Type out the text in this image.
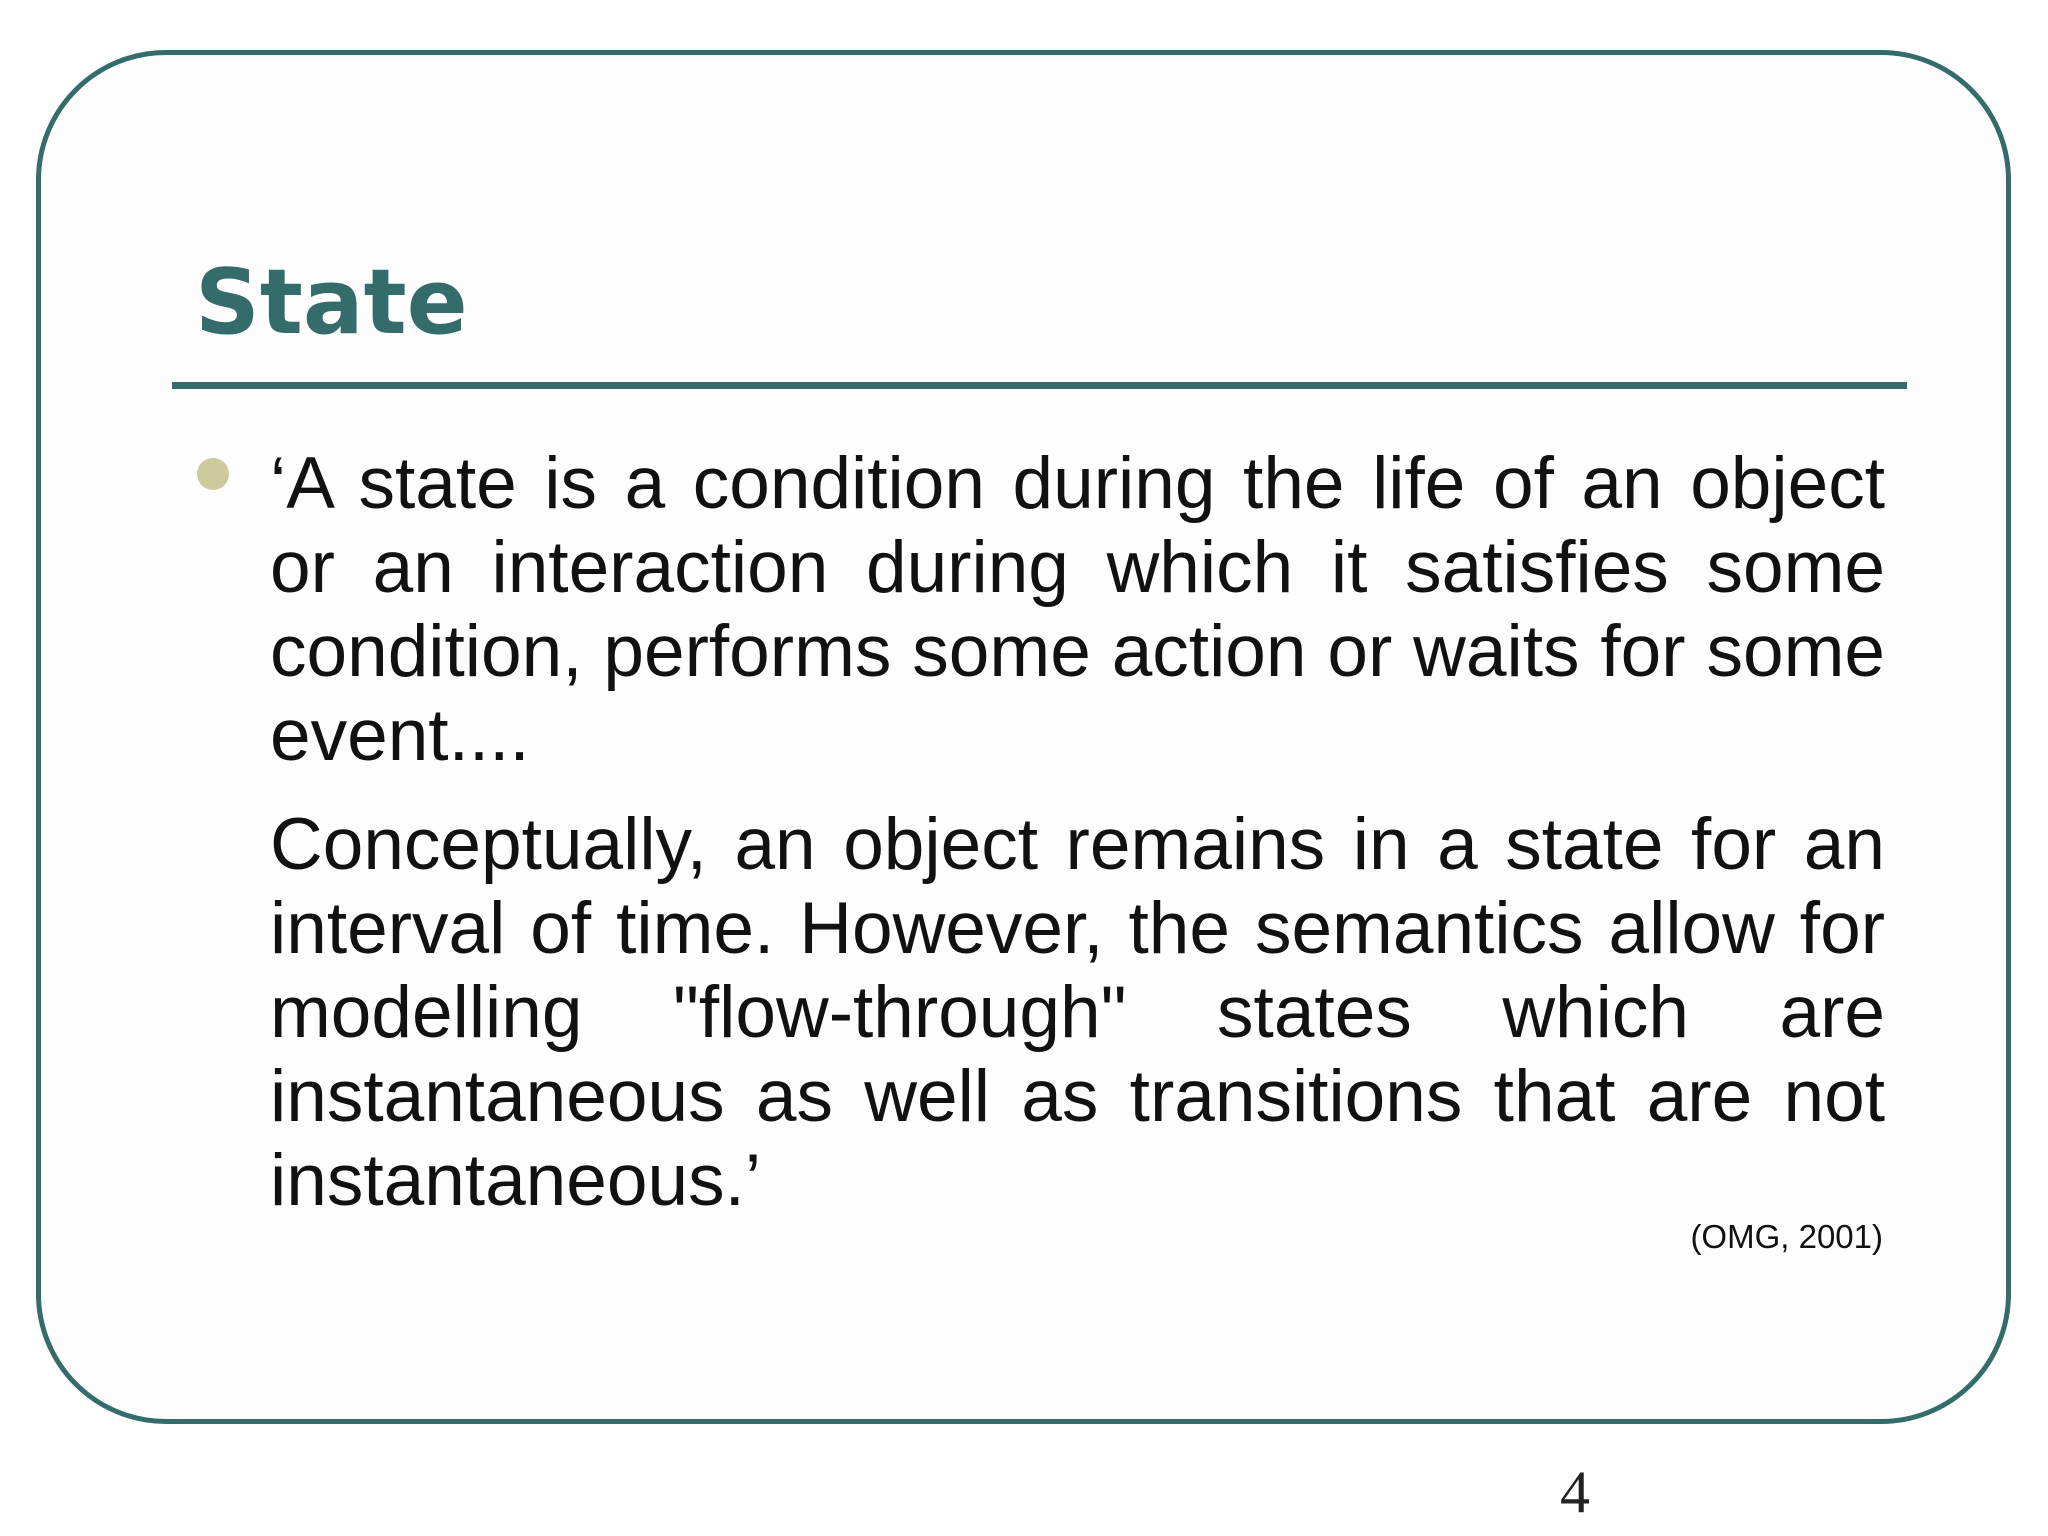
State

‘A state is a condition during the life of an object or an interaction during which it satisfies some condition, performs some action or waits for some event....

Conceptually, an object remains in a state for an interval of time. However, the semantics allow for modelling "flow-through" states which are instantaneous as well as transitions that are not instantaneous.’

(OMG, 2001)
4
